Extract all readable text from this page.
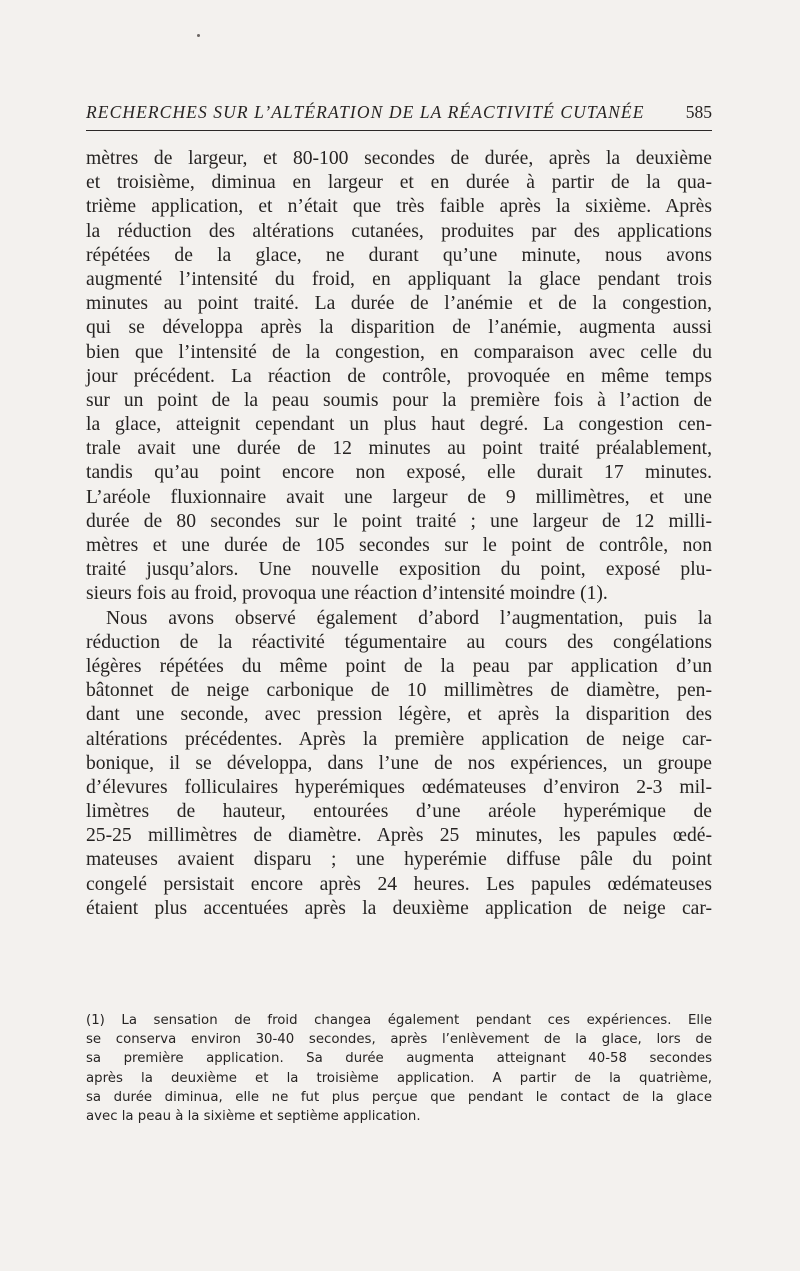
RECHERCHES SUR L’ALTÉRATION DE LA RÉACTIVITÉ CUTANÉE 585
mètres de largeur, et 80-100 secondes de durée, après la deuxième
et troisième, diminua en largeur et en durée à partir de la qua-
trième application, et n’était que très faible après la sixième. Après
la réduction des altérations cutanées, produites par des applications
répétées de la glace, ne durant qu’une minute, nous avons
augmenté l’intensité du froid, en appliquant la glace pendant trois
minutes au point traité. La durée de l’anémie et de la congestion,
qui se développa après la disparition de l’anémie, augmenta aussi
bien que l’intensité de la congestion, en comparaison avec celle du
jour précédent. La réaction de contrôle, provoquée en même temps
sur un point de la peau soumis pour la première fois à l’action de
la glace, atteignit cependant un plus haut degré. La congestion cen-
trale avait une durée de 12 minutes au point traité préalablement,
tandis qu’au point encore non exposé, elle durait 17 minutes.
L’aréole fluxionnaire avait une largeur de 9 millimètres, et une
durée de 80 secondes sur le point traité ; une largeur de 12 milli-
mètres et une durée de 105 secondes sur le point de contrôle, non
traité jusqu’alors. Une nouvelle exposition du point, exposé plu-
sieurs fois au froid, provoqua une réaction d’intensité moindre (1).
Nous avons observé également d’abord l’augmentation, puis la
réduction de la réactivité tégumentaire au cours des congélations
légères répétées du même point de la peau par application d’un
bâtonnet de neige carbonique de 10 millimètres de diamètre, pen-
dant une seconde, avec pression légère, et après la disparition des
altérations précédentes. Après la première application de neige car-
bonique, il se développa, dans l’une de nos expériences, un groupe
d’élevures folliculaires hyperémiques œdémateuses d’environ 2-3 mil-
limètres de hauteur, entourées d’une aréole hyperémique de
25-25 millimètres de diamètre. Après 25 minutes, les papules œdé-
mateuses avaient disparu ; une hyperémie diffuse pâle du point
congelé persistait encore après 24 heures. Les papules œdémateuses
étaient plus accentuées après la deuxième application de neige car-
(1) La sensation de froid changea également pendant ces expériences. Elle
se conserva environ 30-40 secondes, après l’enlèvement de la glace, lors de
sa première application. Sa durée augmenta atteignant 40-58 secondes
après la deuxième et la troisième application. A partir de la quatrième,
sa durée diminua, elle ne fut plus perçue que pendant le contact de la glace
avec la peau à la sixième et septième application.
